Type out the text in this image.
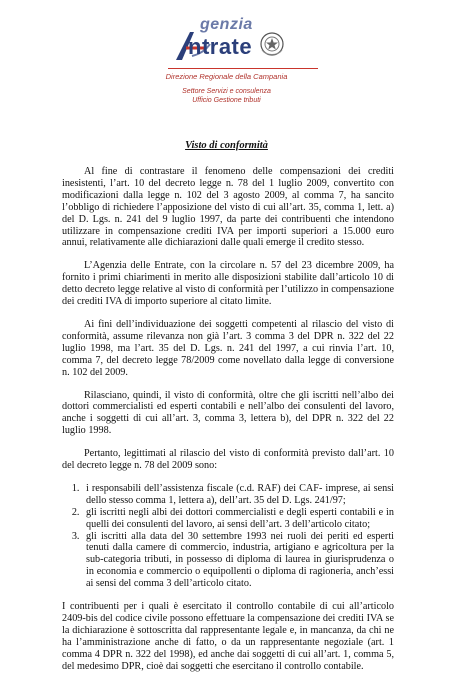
genzia
ntrate
Direzione Regionale della Campania
Settore Servizi e consulenza
Ufficio Gestione tributi
Visto di conformità

Al fine di contrastare il fenomeno delle compensazioni dei crediti inesistenti, l’art. 10 del decreto legge n. 78 del 1 luglio 2009, convertito con modificazioni dalla legge n. 102 del 3 agosto 2009, al comma 7, ha sancito l’obbligo di richiedere l’apposizione del visto di cui all’art. 35, comma 1, lett. a) del D. Lgs. n. 241 del 9 luglio 1997, da parte dei contribuenti che intendono utilizzare in compensazione crediti IVA per importi superiori a 15.000 euro annui, relativamente alle dichiarazioni dalle quali emerge il credito stesso.

L’Agenzia delle Entrate, con la circolare n. 57 del 23 dicembre 2009, ha fornito i primi chiarimenti in merito alle disposizioni stabilite dall’articolo 10 di detto decreto legge relative al visto di conformità per l’utilizzo in compensazione dei crediti IVA di importo superiore al citato limite.

Ai fini dell’individuazione dei soggetti competenti al rilascio del visto di conformità, assume rilevanza non già l’art. 3 comma 3 del DPR n. 322 del 22 luglio 1998, ma l’art. 35 del D. Lgs. n. 241 del 1997, a cui rinvia l’art. 10, comma 7, del decreto legge 78/2009 come novellato dalla legge di conversione n. 102 del 2009.

Rilasciano, quindi, il visto di conformità, oltre che gli iscritti nell’albo dei dottori commercialisti ed esperti contabili e nell’albo dei consulenti del lavoro, anche i soggetti di cui all’art. 3, comma 3, lettera b), del DPR n. 322 del 22 luglio 1998.

Pertanto, legittimati al rilascio del visto di conformità previsto dall’art. 10 del decreto legge n. 78 del 2009 sono:

1. i responsabili dell’assistenza fiscale (c.d. RAF) dei CAF- imprese, ai sensi dello stesso comma 1, lettera a), dell’art. 35 del D. Lgs. 241/97;
2. gli iscritti negli albi dei dottori commercialisti e degli esperti contabili e in quelli dei consulenti del lavoro, ai sensi dell’art. 3 dell’articolo citato;
3. gli iscritti alla data del 30 settembre 1993 nei ruoli dei periti ed esperti tenuti dalla camere di commercio, industria, artigiano e agricoltura per la sub-categoria tributi, in possesso di diploma di laurea in giurisprudenza o in economia e commercio o equipollenti o diploma di ragioneria, anch’essi ai sensi del comma 3 dell’articolo citato.

I contribuenti per i quali è esercitato il controllo contabile di cui all’articolo 2409-bis del codice civile possono effettuare la compensazione dei crediti IVA se la dichiarazione è sottoscritta dal rappresentante legale e, in mancanza, da chi ne ha l’amministrazione anche di fatto, o da un rappresentante negoziale (art. 1 comma 4 DPR n. 322 del 1998), ed anche dai soggetti di cui all’art. 1, comma 5, del medesimo DPR, cioè dai soggetti che esercitano il controllo contabile.
